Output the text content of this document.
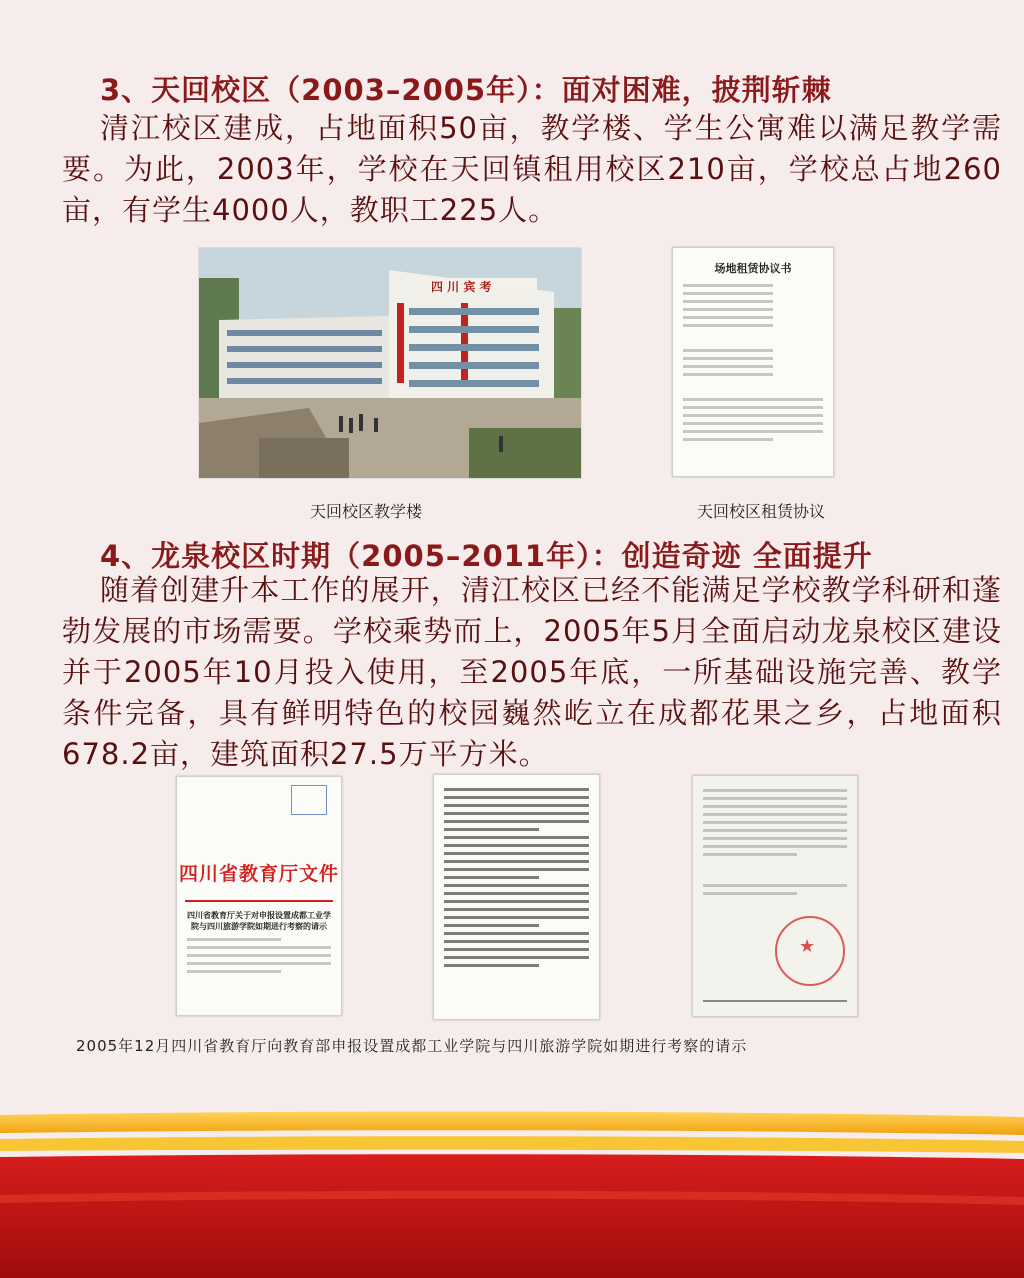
3、天回校区（2003–2005年）：面对困难，披荆斩棘

清江校区建成，占地面积50亩，教学楼、学生公寓难以满足教学需要。为此，2003年，学校在天回镇租用校区210亩，学校总占地260亩，有学生4000人，教职工225人。

四 川 宾 考
场地租赁协议书
天回校区教学楼	天回校区租赁协议
4、龙泉校区时期（2005–2011年）：创造奇迹 全面提升

随着创建升本工作的展开，清江校区已经不能满足学校教学科研和蓬勃发展的市场需要。学校乘势而上，2005年5月全面启动龙泉校区建设并于2005年10月投入使用，至2005年底，一所基础设施完善、教学条件完备，具有鲜明特色的校园巍然屹立在成都花果之乡，占地面积678.2亩，建筑面积27.5万平方米。

四川省教育厅文件
四川省教育厅关于对申报设置成都工业学院与四川旅游学院如期进行考察的请示
★
2005年12月四川省教育厅向教育部申报设置成都工业学院与四川旅游学院如期进行考察的请示
